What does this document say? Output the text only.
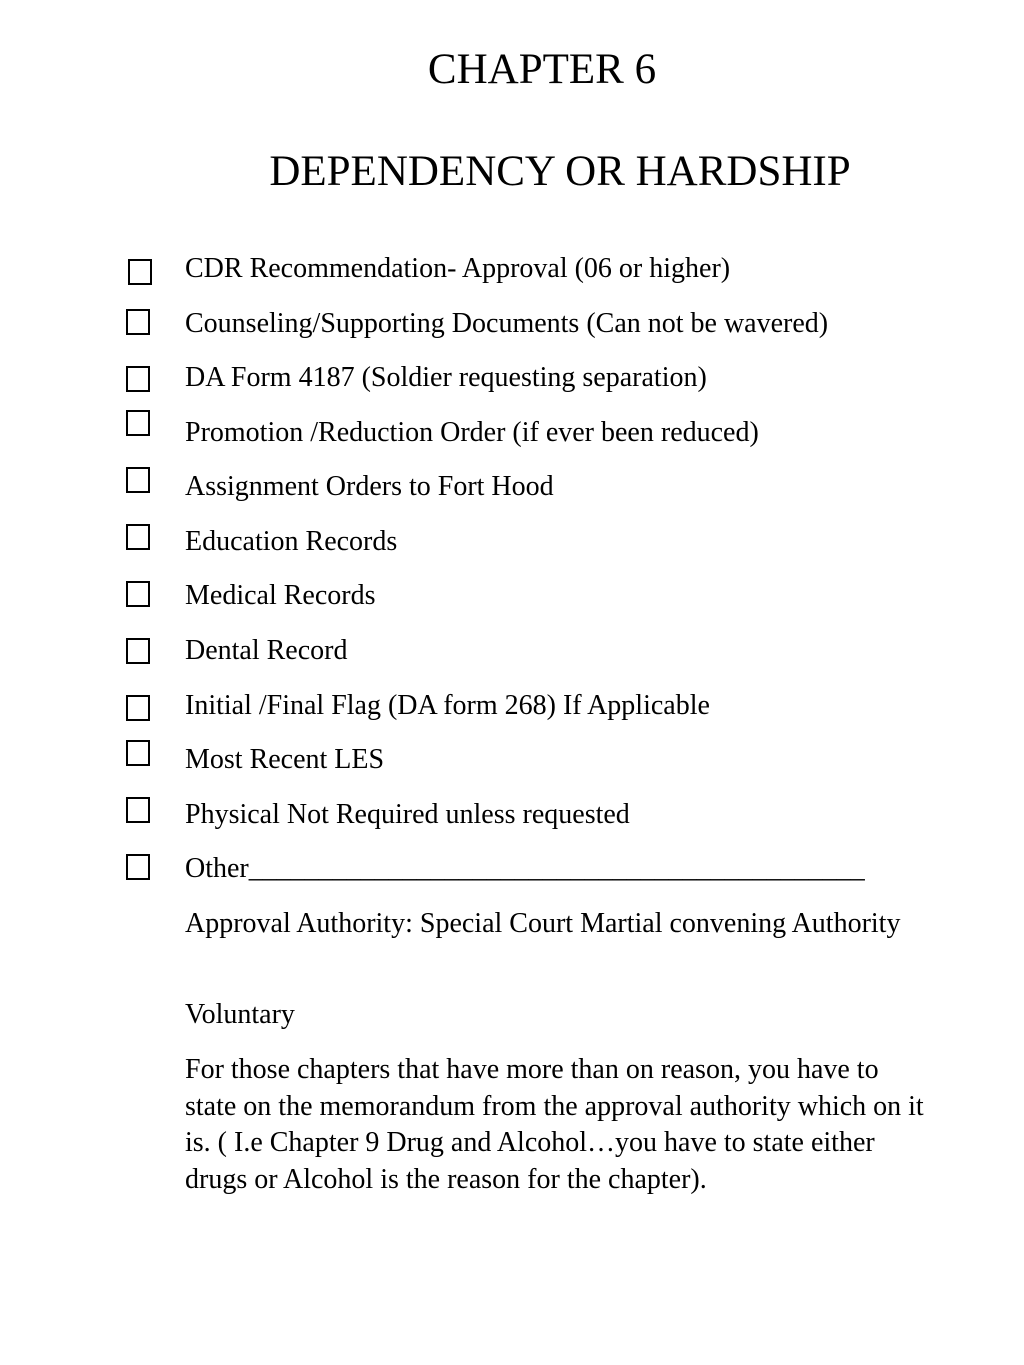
CHAPTER 6
DEPENDENCY OR HARDSHIP
CDR Recommendation- Approval (06 or higher)
Counseling/Supporting Documents (Can not be wavered)
DA Form 4187 (Soldier requesting separation)
Promotion /Reduction Order (if ever been reduced)
Assignment Orders to Fort Hood
Education Records
Medical Records
Dental Record
Initial /Final Flag (DA form 268) If Applicable
Most Recent LES
Physical Not Required unless requested
Other____________________________________________

Approval Authority: Special Court Martial convening Authority

Voluntary

For those chapters that have more than on reason, you have to state on the memorandum from the approval authority which on it is. ( I.e Chapter 9 Drug and Alcohol…you have to state either drugs or Alcohol is the reason for the chapter).
